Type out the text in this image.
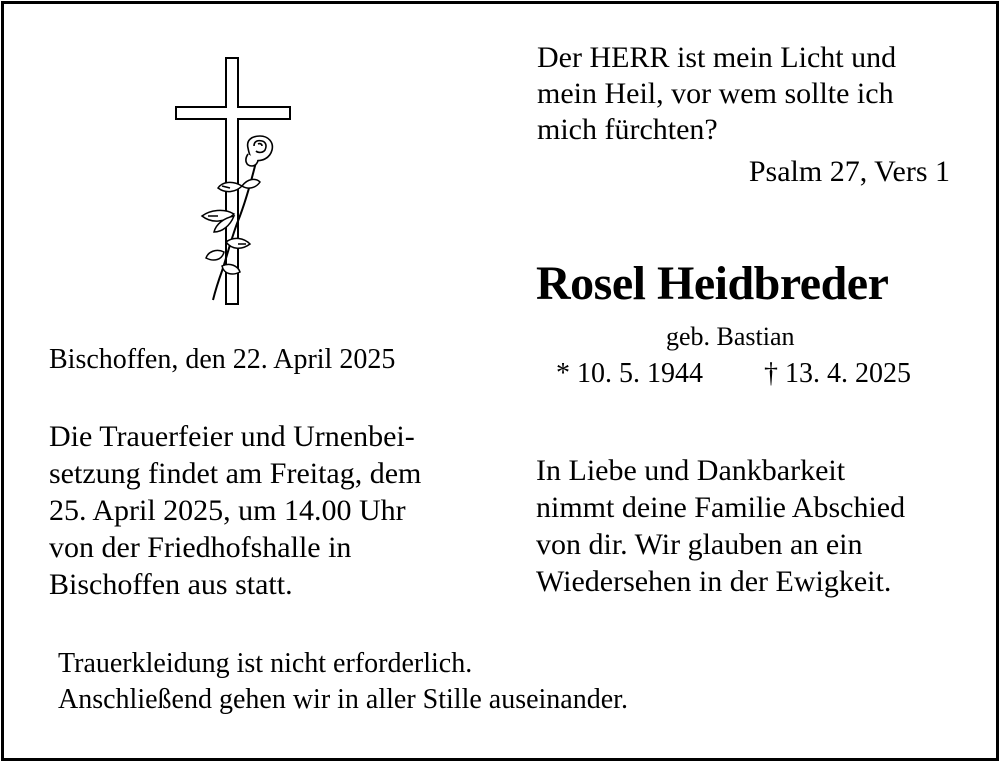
Der HERR ist mein Licht und
mein Heil, vor wem sollte ich
mich fürchten?
Psalm 27, Vers 1
Rosel Heidbreder
geb. Bastian
* 10. 5. 1944 † 13. 4. 2025
Bischoffen, den 22. April 2025
Die Trauerfeier und Urnenbei-
setzung findet am Freitag, dem
25. April 2025, um 14.00 Uhr
von der Friedhofshalle in
Bischoffen aus statt.
In Liebe und Dankbarkeit
nimmt deine Familie Abschied
von dir. Wir glauben an ein
Wiedersehen in der Ewigkeit.
Trauerkleidung ist nicht erforderlich.
Anschließend gehen wir in aller Stille auseinander.
